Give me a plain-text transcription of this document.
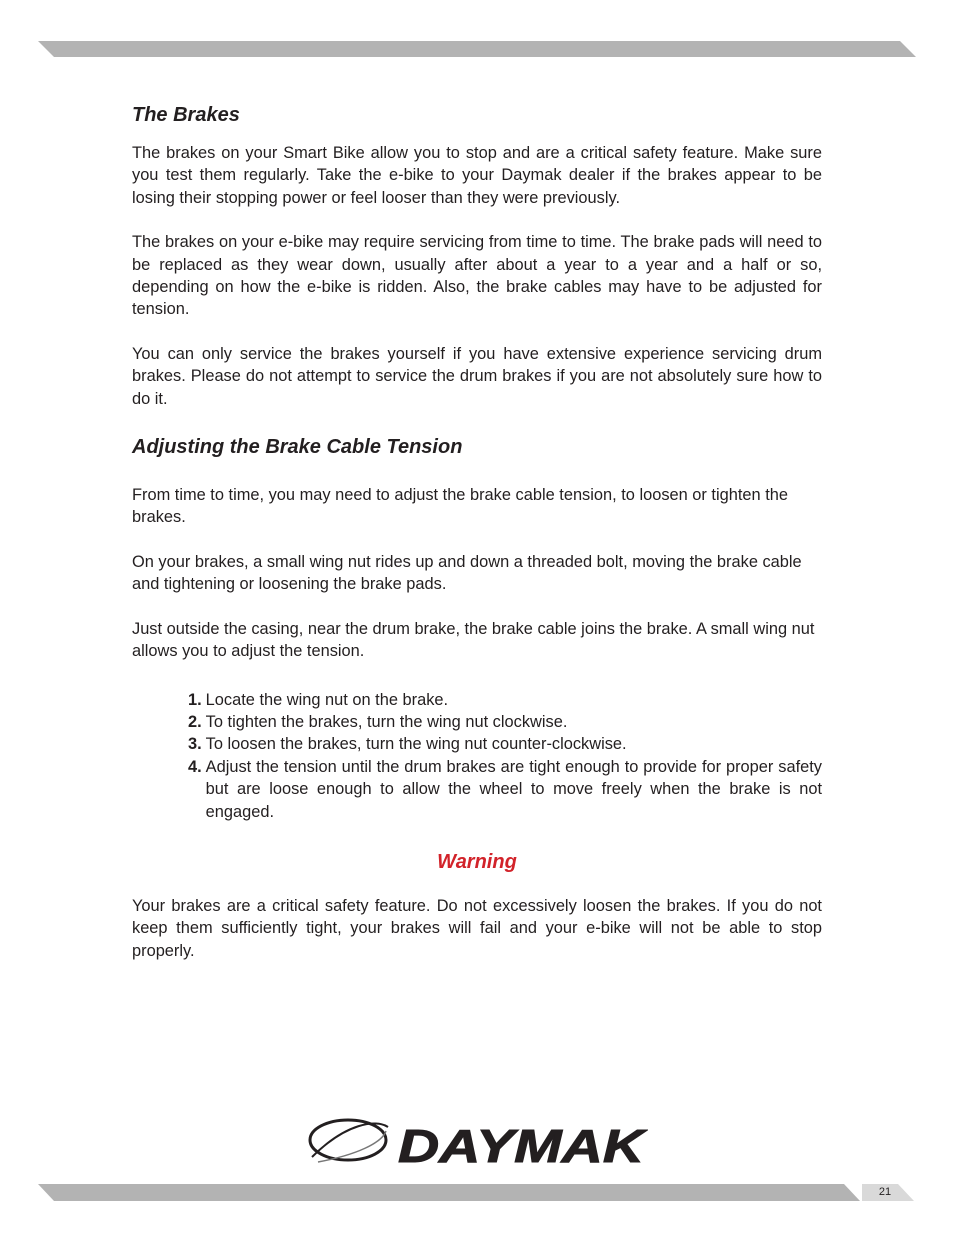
The Brakes

The brakes on your Smart Bike allow you to stop and are a critical safety feature. Make sure you test them regularly. Take the e-bike to your Daymak dealer if the brakes appear to be losing their stopping power or feel looser than they were previously.

The brakes on your e-bike may require servicing from time to time. The brake pads will need to be replaced as they wear down, usually after about a year to a year and a half or so, depending on how the e-bike is ridden. Also, the brake cables may have to be adjusted for tension.

You can only service the brakes yourself if you have extensive experience servicing drum brakes. Please do not attempt to service the drum brakes if you are not absolutely sure how to do it.

Adjusting the Brake Cable Tension

From time to time, you may need to adjust the brake cable tension, to loosen or tighten the brakes.

On your brakes, a small wing nut rides up and down a threaded bolt, moving the brake cable and tightening or loosening the brake pads.

Just outside the casing, near the drum brake, the brake cable joins the brake. A small wing nut allows you to adjust the tension.

1. Locate the wing nut on the brake.
2. To tighten the brakes, turn the wing nut clockwise.
3. To loosen the brakes, turn the wing nut counter-clockwise.
4. Adjust the tension until the drum brakes are tight enough to provide for proper safety but are loose enough to allow the wheel to move freely when the brake is not engaged.

Warning

Your brakes are a critical safety feature. Do not excessively loosen the brakes. If you do not keep them sufficiently tight, your brakes will fail and your e-bike will not be able to stop properly.

DAYMAK
21
